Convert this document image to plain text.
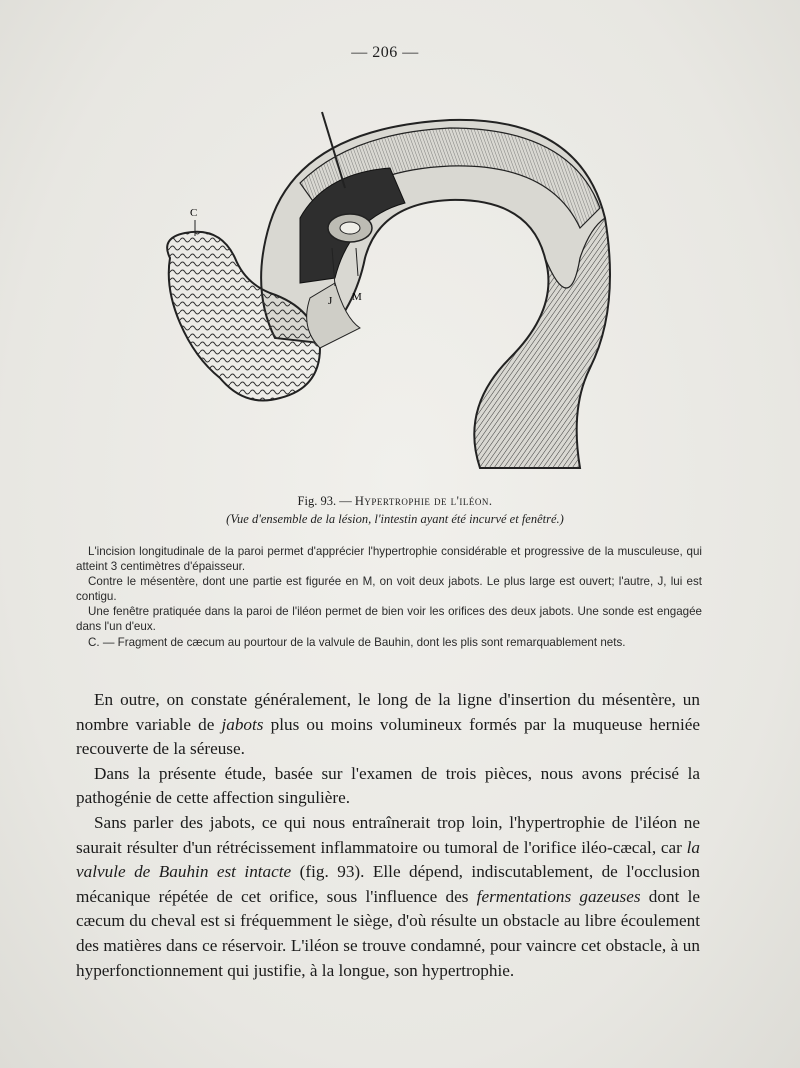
— 206 —
C
J M
Fig. 93. — Hypertrophie de l'iléon.
(Vue d'ensemble de la lésion, l'intestin ayant été incurvé et fenêtré.)

L'incision longitudinale de la paroi permet d'apprécier l'hypertrophie considérable et progressive de la musculeuse, qui atteint 3 centimètres d'épaisseur.

Contre le mésentère, dont une partie est figurée en M, on voit deux jabots. Le plus large est ouvert; l'autre, J, lui est contigu.

Une fenêtre pratiquée dans la paroi de l'iléon permet de bien voir les orifices des deux jabots. Une sonde est engagée dans l'un d'eux.

C. — Fragment de cæcum au pourtour de la valvule de Bauhin, dont les plis sont remarquablement nets.

En outre, on constate généralement, le long de la ligne d'insertion du mésentère, un nombre variable de jabots plus ou moins volumineux formés par la muqueuse herniée recouverte de la séreuse.

Dans la présente étude, basée sur l'examen de trois pièces, nous avons précisé la pathogénie de cette affection singulière.

Sans parler des jabots, ce qui nous entraînerait trop loin, l'hypertrophie de l'iléon ne saurait résulter d'un rétrécissement inflammatoire ou tumoral de l'orifice iléo-cæcal, car la valvule de Bauhin est intacte (fig. 93). Elle dépend, indiscutablement, de l'occlusion mécanique répétée de cet orifice, sous l'influence des fermentations gazeuses dont le cæcum du cheval est si fréquemment le siège, d'où résulte un obstacle au libre écoulement des matières dans ce réservoir. L'iléon se trouve condamné, pour vaincre cet obstacle, à un hyperfonctionnement qui justifie, à la longue, son hypertrophie.
